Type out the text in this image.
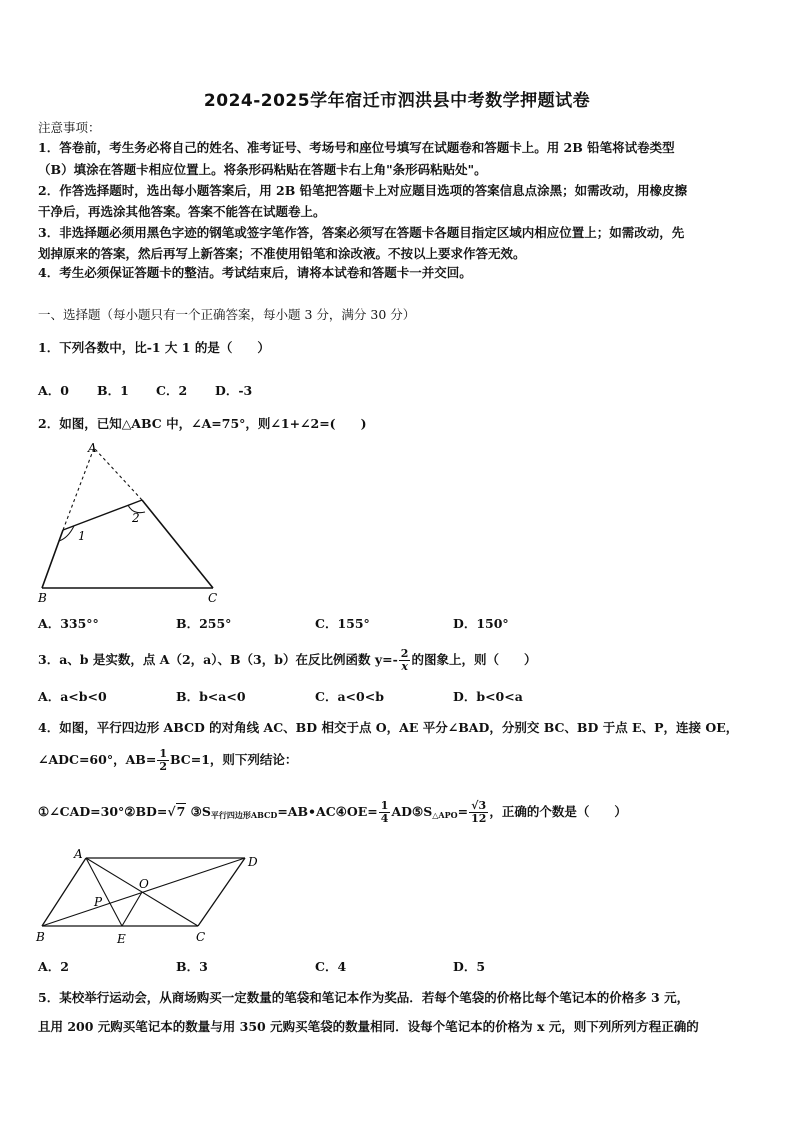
2024-2025学年宿迁市泗洪县中考数学押题试卷
注意事项：
1．答卷前，考生务必将自己的姓名、准考证号、考场号和座位号填写在试题卷和答题卡上。用 2B 铅笔将试卷类型
（B）填涂在答题卡相应位置上。将条形码粘贴在答题卡右上角"条形码粘贴处"。
2．作答选择题时，选出每小题答案后，用 2B 铅笔把答题卡上对应题目选项的答案信息点涂黑；如需改动，用橡皮擦
干净后，再选涂其他答案。答案不能答在试题卷上。
3．非选择题必须用黑色字迹的钢笔或签字笔作答，答案必须写在答题卡各题目指定区域内相应位置上；如需改动，先
划掉原来的答案，然后再写上新答案；不准使用铅笔和涂改液。不按以上要求作答无效。
4．考生必须保证答题卡的整洁。考试结束后，请将本试卷和答题卡一并交回。
一、选择题（每小题只有一个正确答案，每小题 3 分，满分 30 分）
1．下列各数中，比-1 大 1 的是（　　）
A．0 B．1 C．2 D．-3
2．如图，已知△ABC 中，∠A=75°，则∠1+∠2=(　　)
A
B	C
1
2
A．335°°	B．255°	C．155°	D．150°
3．a、b 是实数，点 A（2，a）、B（3，b）在反比例函数 $y=- \frac{2}{x}$ 的图象上，则（　　）
A．a<b<0	B．b<a<0	C．a<0<b	D．b<0<a
4．如图，平行四边形 ABCD 的对角线 AC、BD 相交于点 O，AE 平分∠BAD，分别交 BC、BD 于点 E、P，连接 OE，
∠ADC=60°，$AB= \frac{1}{2} BC=1$，则下列结论：
①∠CAD=30°②BD=√7 $③S_{平行四边形ABCD}=AB•AC④OE= \frac{1}{4}$ $AD⑤S_{\triangle APO}= \frac{√3}{12}$ ，正确的个数是（　　）
A
D
B	E	C
O
P
A．2	B．3	C．4	D．5
5．某校举行运动会，从商场购买一定数量的笔袋和笔记本作为奖品．若每个笔袋的价格比每个笔记本的价格多 3 元，
且用 200 元购买笔记本的数量与用 350 元购买笔袋的数量相同．设每个笔记本的价格为 x 元，则下列所列方程正确的
